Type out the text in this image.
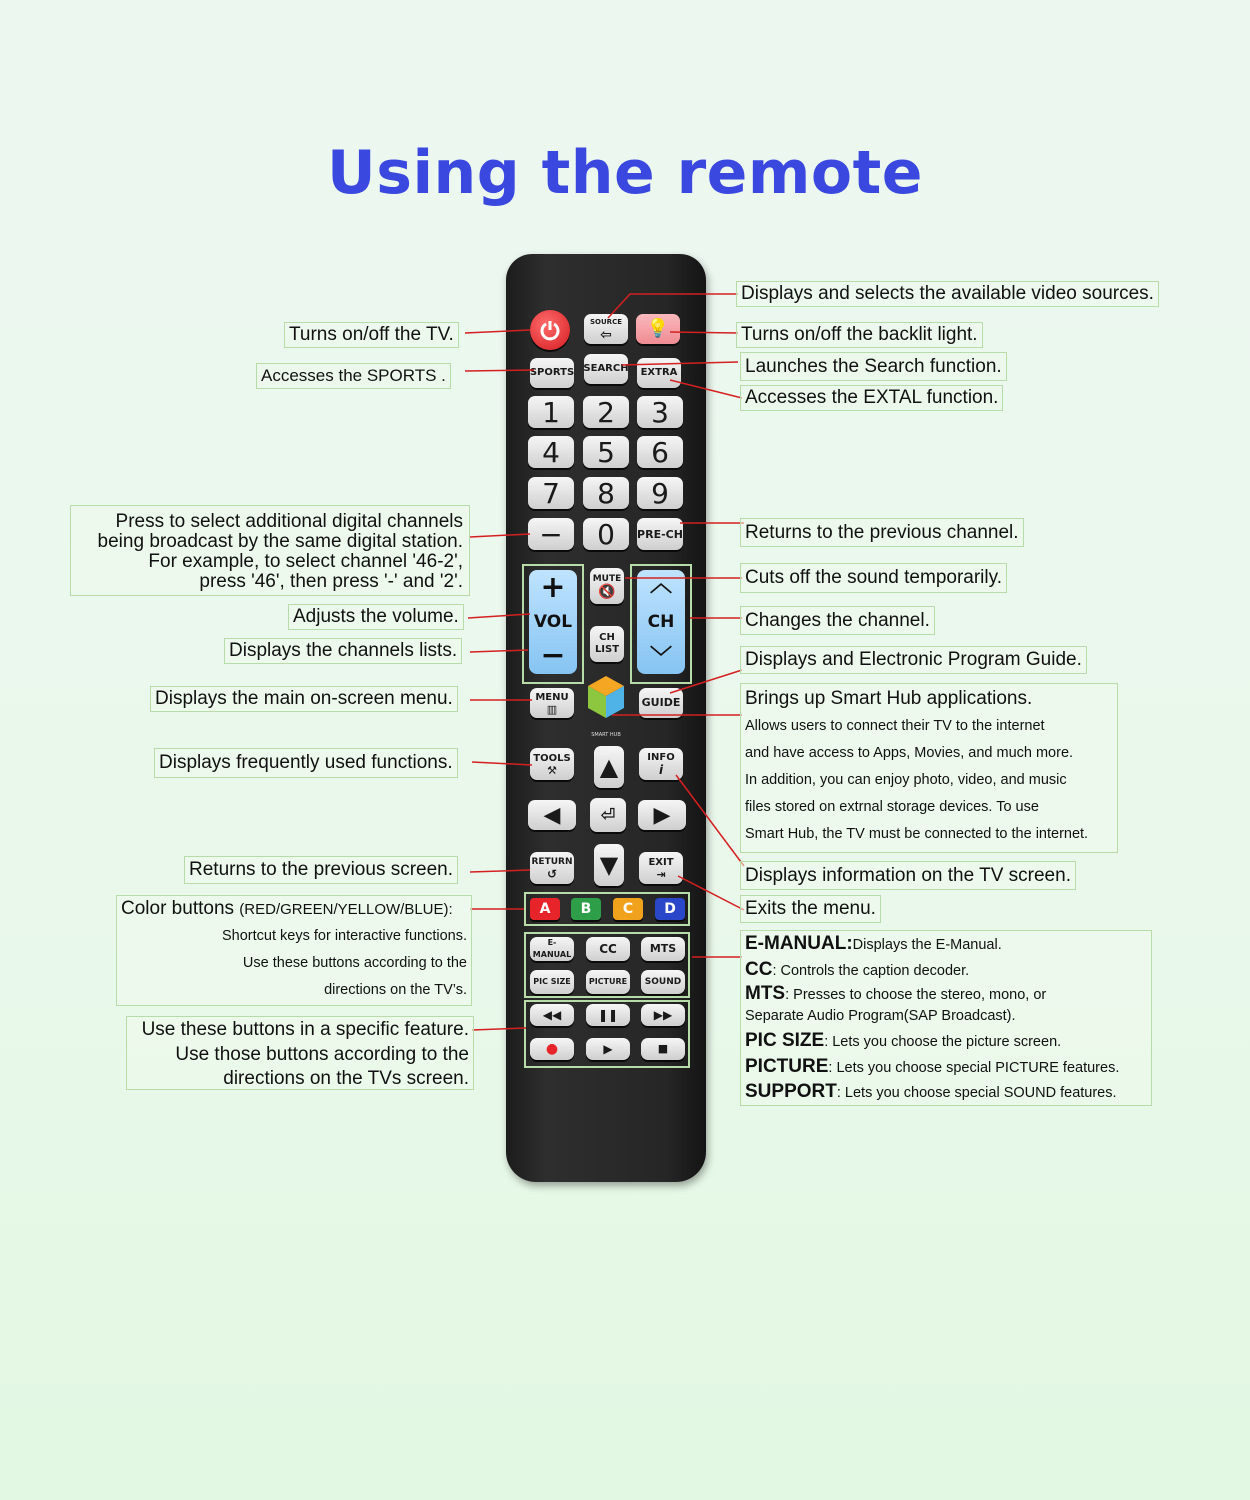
Using the remote
SOURCE
⇦ 💡
SPORTS SEARCH EXTRA
1 2 3
4 5 6
7 8 9
− 0 PRE-CH
+
VOL
−
MUTE
🔇
CH
LIST
︿
CH
﹀
MENU
▥
SMART HUB
GUIDE
TOOLS
⚒ ▲	INFO
i
◀ ⏎ ▶
RETURN
↺ ▼	EXIT
⇥
A B C D
E-MANUAL CC	MTS
PIC SIZE PICTURE SOUND
◀◀	❚❚	▶▶
●	▶	■
Turns on/off the TV.
Accesses the SPORTS .
Press to select additional digital channels
being broadcast by the same digital station.
For example, to select channel '46-2',
press '46', then press '-' and '2'.
Adjusts the volume.
Displays the channels lists.
Displays the main on-screen menu.
Displays frequently used functions.
Returns to the previous screen.
Color buttons (RED/GREEN/YELLOW/BLUE):
Shortcut keys for interactive functions.
Use these buttons according to the
directions on the TV’s.
Use these buttons in a specific feature.
Use those buttons according to the
directions on the TVs screen.
Displays and selects the available video sources.
Turns on/off the backlit light.
Launches the Search function.
Accesses the EXTAL function.
Returns to the previous channel.
Cuts off the sound temporarily.
Changes the channel.
Displays and Electronic Program Guide.
Brings up Smart Hub applications.
Allows users to connect their TV to the internet
and have access to Apps, Movies, and much more.
In addition, you can enjoy photo, video, and music
files stored on extrnal storage devices. To use
Smart Hub, the TV must be connected to the internet.
Displays information on the TV screen.
Exits the menu.
E-MANUAL:Displays the E-Manual.
CC: Controls the caption decoder.
MTS: Presses to choose the stereo, mono, or
Separate Audio Program(SAP Broadcast).
PIC SIZE: Lets you choose the picture screen.
PICTURE: Lets you choose special PICTURE features.
SUPPORT: Lets you choose special SOUND features.
